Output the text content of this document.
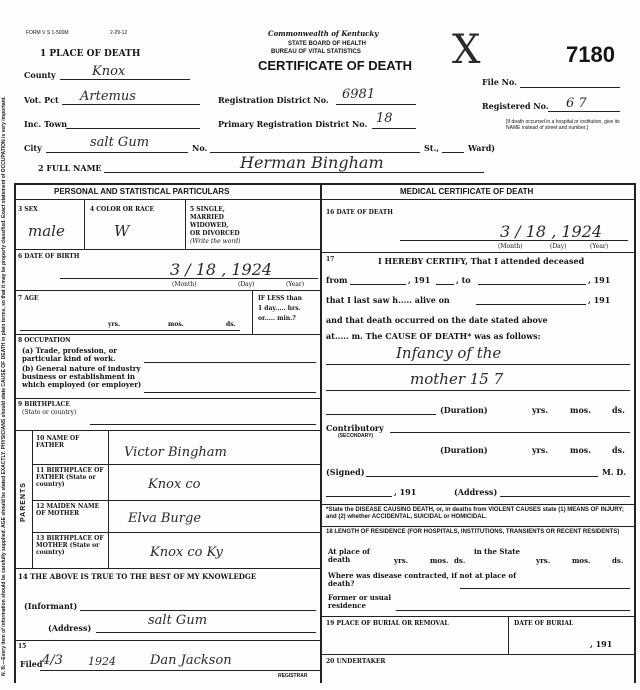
FORM V S 1-500M	2-29-12	Commonwealth of Kentucky
STATE BOARD OF HEALTH
BUREAU OF VITAL STATISTICS
CERTIFICATE OF DEATH X	7180
1 PLACE OF DEATH
File No.
Registered No. 6 7
County	Knox
Vot. Pct Artemus	Registration District No. 6981
Inc. Town	Primary Registration District No. 18	[If death occurred in a hospital or institution, give its NAME instead of street and number.]
City	salt Gum	No.	St.,	Ward)
2 FULL NAME	Herman Bingham
PERSONAL AND STATISTICAL PARTICULARS
3 SEX
male
4 COLOR OR RACE
W
5 SINGLE,
MARRIED
WIDOWED,
OR DIVORCED
(Write the word)
6 DATE OF BIRTH
3 / 18 , 1924
(Month)	(Day)	(Year)
7 AGE
yrs.	mos.	ds.
IF LESS than
1 day..... hrs.
or..... min.?
8 OCCUPATION
(a) Trade, profession, or particular kind of work.
(b) General nature of industry business or establishment in which employed (or employer)
9 BIRTHPLACE
(State or country)
PARENTS
10 NAME OF FATHER	Victor Bingham
11 BIRTHPLACE OF FATHER (State or country)	Knox co
12 MAIDEN NAME OF MOTHER	Elva Burge
13 BIRTHPLACE OF MOTHER (State or country)	Knox co Ky
14 THE ABOVE IS TRUE TO THE BEST OF MY KNOWLEDGE
(Informant)
(Address)	salt Gum
15
Filed 4/3 1924	Dan Jackson
REGISTRAR
MEDICAL CERTIFICATE OF DEATH
16 DATE OF DEATH
3 / 18 , 1924
(Month)	(Day)	(Year)
17	I HEREBY CERTIFY, That I attended deceased
from	, 191	, to	, 191
that I last saw h..... alive on	, 191
and that death occurred on the date stated above
at..... m. The CAUSE OF DEATH* was as follows:
Infancy of the
mother 15 7
(Duration)	yrs.	mos.	ds.
Contributory
(SECONDARY)
(Duration)	yrs.	mos.	ds.
(Signed)	M. D.
, 191	(Address)
*State the DISEASE CAUSING DEATH, or, in deaths from VIOLENT CAUSES state (1) MEANS OF INJURY; and (2) whether ACCIDENTAL, SUICIDAL or HOMICIDAL.
18 LENGTH OF RESIDENCE (FOR HOSPITALS, INSTITUTIONS, TRANSIENTS OR RECENT RESIDENTS)
At place of death	yrs.	mos. ds.
in the State
yrs.	mos.	ds.
Where was disease contracted, if not at place of death?
Former or usual residence
19 PLACE OF BURIAL OR REMOVAL	DATE OF BURIAL
, 191
20 UNDERTAKER
N. B.—Every item of information should be carefully supplied. AGE should be stated EXACTLY. PHYSICIANS should state CAUSE OF DEATH in plain terms, so that it may be properly classified. Exact statement of OCCUPATION is very important.
